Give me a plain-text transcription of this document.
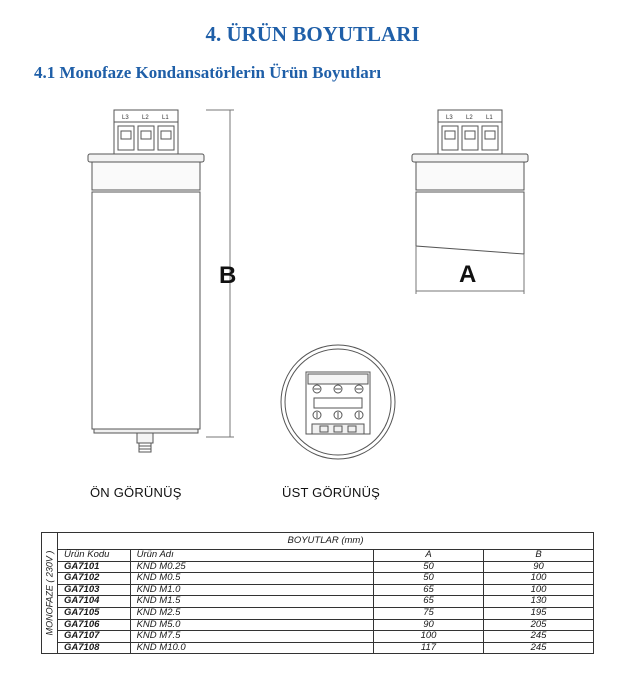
4. ÜRÜN BOYUTLARI
4.1 Monofaze Kondansatörlerin Ürün Boyutları
L3 L2 L1
B
L3 L2 L1
A
ÖN GÖRÜNÜŞ	ÜST GÖRÜNÜŞ
MONOFAZE ( 230V )	BOYUTLAR (mm)			
	Ürün Kodu	Ürün Adı	A	B
	GA7101	KND M0.25	50	90
	GA7102	KND M0.5	50	100
	GA7103	KND M1.0	65	100
	GA7104	KND M1.5	65	130
	GA7105	KND M2.5	75	195
	GA7106	KND M5.0	90	205
	GA7107	KND M7.5	100	245
	GA7108	KND M10.0	117	245
